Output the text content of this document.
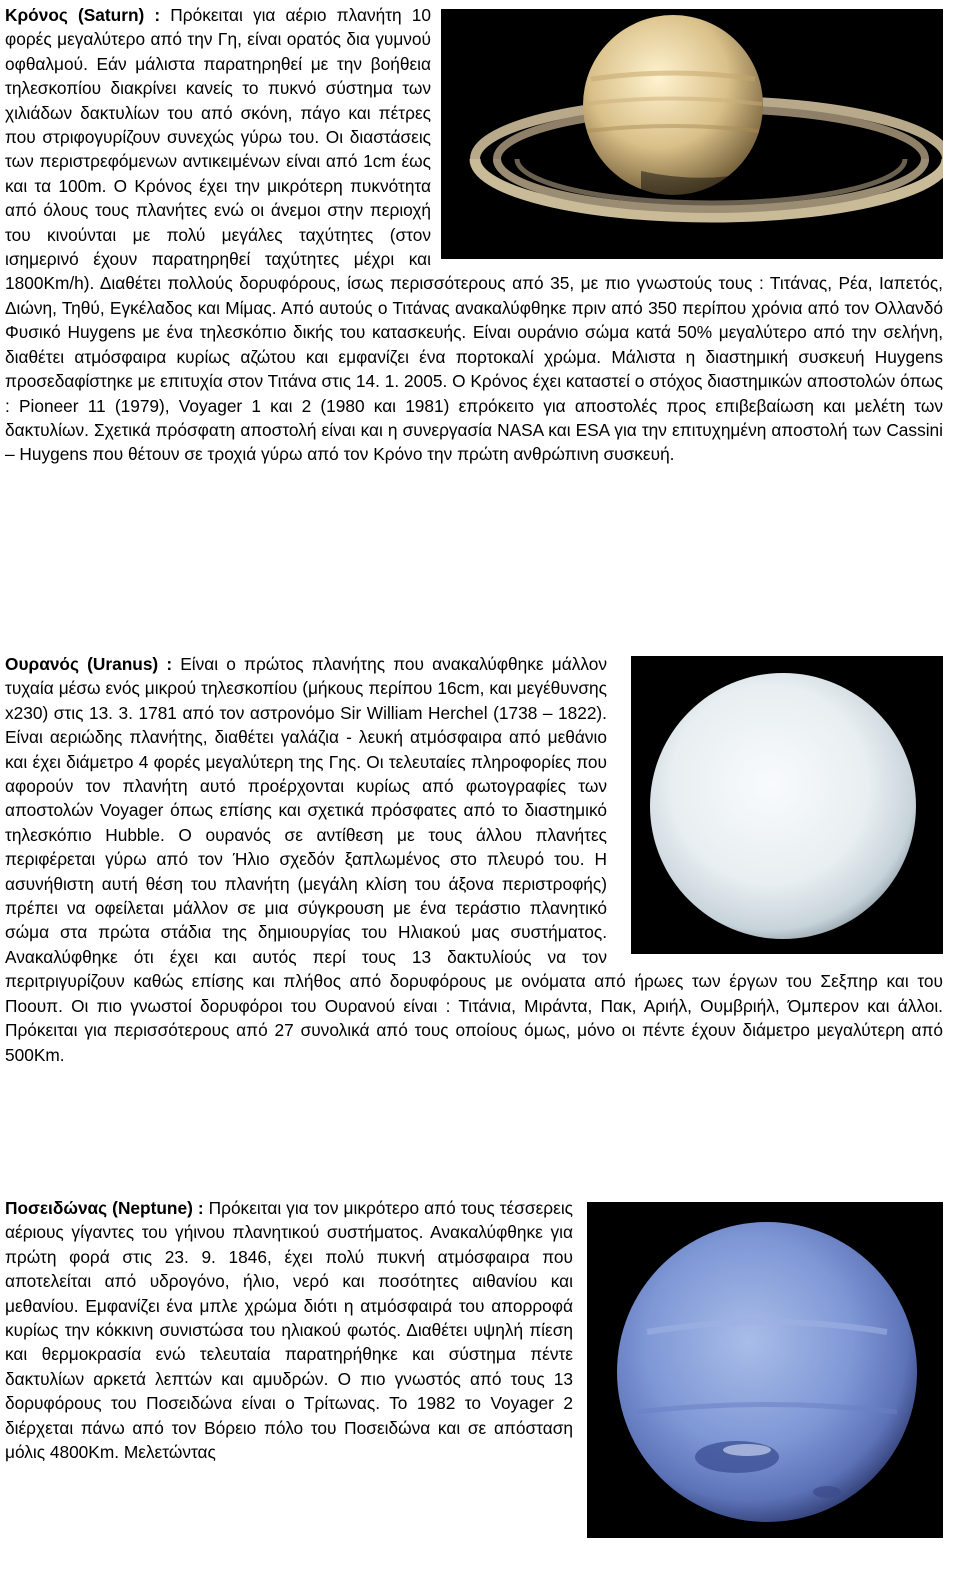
Κρόνος (Saturn) : Πρόκειται για αέριο πλανήτη 10 φορές μεγαλύτερο από την Γη, είναι ορατός δια γυμνού οφθαλμού. Εάν μάλιστα παρατηρηθεί με την βοήθεια τηλεσκοπίου διακρίνει κανείς το πυκνό σύστημα των χιλιάδων δακτυλίων του από σκόνη, πάγο και πέτρες που στριφογυρίζουν συνεχώς γύρω του. Οι διαστάσεις των περιστρεφόμενων αντικειμένων είναι από 1cm έως και τα 100m. Ο Κρόνος έχει την μικρότερη πυκνότητα από όλους τους πλανήτες ενώ οι άνεμοι στην περιοχή του κινούνται με πολύ μεγάλες ταχύτητες (στον ισημερινό έχουν παρατηρηθεί ταχύτητες μέχρι και 1800Km/h). Διαθέτει πολλούς δορυφόρους, ίσως περισσότερους από 35, με πιο γνωστούς τους : Τιτάνας, Ρέα, Ιαπετός, Διώνη, Τηθύ, Εγκέλαδος και Μίμας. Από αυτούς ο Τιτάνας ανακαλύφθηκε πριν από 350 περίπου χρόνια από τον Ολλανδό Φυσικό Huygens με ένα τηλεσκόπιο δικής του κατασκευής. Είναι ουράνιο σώμα κατά 50% μεγαλύτερο από την σελήνη, διαθέτει ατμόσφαιρα κυρίως αζώτου και εμφανίζει ένα πορτοκαλί χρώμα. Μάλιστα η διαστημική συσκευή Huygens προσεδαφίστηκε με επιτυχία στον Τιτάνα στις 14. 1. 2005. Ο Κρόνος έχει καταστεί ο στόχος διαστημικών αποστολών όπως : Pioneer 11 (1979), Voyager 1 και 2 (1980 και 1981) επρόκειτο για αποστολές προς επιβεβαίωση και μελέτη των δακτυλίων. Σχετικά πρόσφατη αποστολή είναι και η συνεργασία NASA και ESA για την επιτυχημένη αποστολή των Cassini – Huygens που θέτουν σε τροχιά γύρω από τον Κρόνο την πρώτη ανθρώπινη συσκευή.

Ουρανός (Uranus) : Είναι ο πρώτος πλανήτης που ανακαλύφθηκε μάλλον τυχαία μέσω ενός μικρού τηλεσκοπίου (μήκους περίπου 16cm, και μεγέθυνσης x230) στις 13. 3. 1781 από τον αστρονόμο Sir William Herchel (1738 – 1822). Είναι αεριώδης πλανήτης, διαθέτει γαλάζια - λευκή ατμόσφαιρα από μεθάνιο και έχει διάμετρο 4 φορές μεγαλύτερη της Γης. Οι τελευταίες πληροφορίες που αφορούν τον πλανήτη αυτό προέρχονται κυρίως από φωτογραφίες των αποστολών Voyager όπως επίσης και σχετικά πρόσφατες από το διαστημικό τηλεσκόπιο Hubble. Ο ουρανός σε αντίθεση με τους άλλου πλανήτες περιφέρεται γύρω από τον Ήλιο σχεδόν ξαπλωμένος στο πλευρό του. Η ασυνήθιστη αυτή θέση του πλανήτη (μεγάλη κλίση του άξονα περιστροφής) πρέπει να οφείλεται μάλλον σε μια σύγκρουση με ένα τεράστιο πλανητικό σώμα στα πρώτα στάδια της δημιουργίας του Ηλιακού μας συστήματος. Ανακαλύφθηκε ότι έχει και αυτός περί τους 13 δακτυλίούς να τον περιτριγυρίζουν καθώς επίσης και πλήθος από δορυφόρους με ονόματα από ήρωες των έργων του Σεξπηρ και του Πooυπ. Οι πιο γνωστοί δορυφόροι του Ουρανού είναι : Τιτάνια, Μιράντα, Πακ, Αριήλ, Ουμβριήλ, Όμπερον και άλλοι. Πρόκειται για περισσότερους από 27 συνολικά από τους οποίους όμως, μόνο οι πέντε έχουν διάμετρο μεγαλύτερη από 500Km.

Ποσειδώνας (Neptune) : Πρόκειται για τον μικρότερο από τους τέσσερεις αέριους γίγαντες του γήινου πλανητικού συστήματος. Ανακαλύφθηκε για πρώτη φορά στις 23. 9. 1846, έχει πολύ πυκνή ατμόσφαιρα που αποτελείται από υδρογόνο, ήλιο, νερό και ποσότητες αιθανίου και μεθανίου. Εμφανίζει ένα μπλε χρώμα διότι η ατμόσφαιρά του απορροφά κυρίως την κόκκινη συνιστώσα του ηλιακού φωτός. Διαθέτει υψηλή πίεση και θερμοκρασία ενώ τελευταία παρατηρήθηκε και σύστημα πέντε δακτυλίων αρκετά λεπτών και αμυδρών. Ο πιο γνωστός από τους 13 δορυφόρους του Ποσειδώνα είναι ο Τρίτωνας. Το 1982 το Voyager 2 διέρχεται πάνω από τον Βόρειο πόλο του Ποσειδώνα και σε απόσταση μόλις 4800Km. Μελετώντας
